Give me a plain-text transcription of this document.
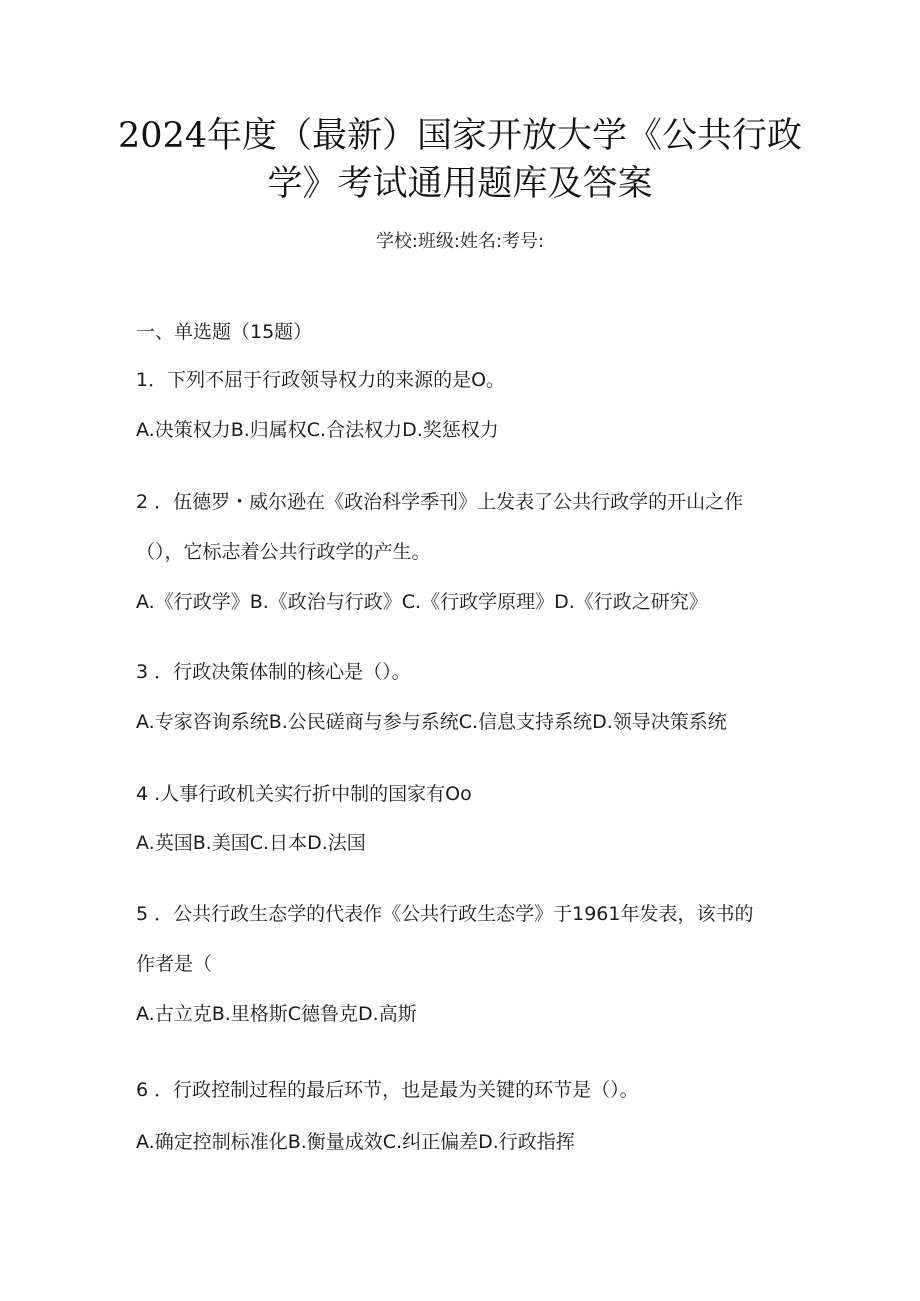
2024年度（最新）国家开放大学《公共行政
学》考试通用题库及答案
学校:班级:姓名:考号:
一、单选题（15题）
1．下列不屈于行政领导权力的来源的是O。
A.决策权力B.归属权C.合法权力D.奖惩权力
2 ．伍德罗・威尔逊在《政治科学季刊》上发表了公共行政学的开山之作
（），它标志着公共行政学的产生。
A.《行政学》B.《政治与行政》C.《行政学原理》D.《行政之研究》
3 ．行政决策体制的核心是（）。
A.专家咨询系统B.公民磋商与参与系统C.信息支持系统D.领导决策系统
4 .人事行政机关实行折中制的国家有Oo
A.英国B.美国C.日本D.法国
5 ．公共行政生态学的代表作《公共行政生态学》于1961年发表，该书的
作者是（
A.古立克B.里格斯C德鲁克D.高斯
6 ．行政控制过程的最后环节，也是最为关键的环节是（）。
A.确定控制标准化B.衡量成效C.纠正偏差D.行政指挥
